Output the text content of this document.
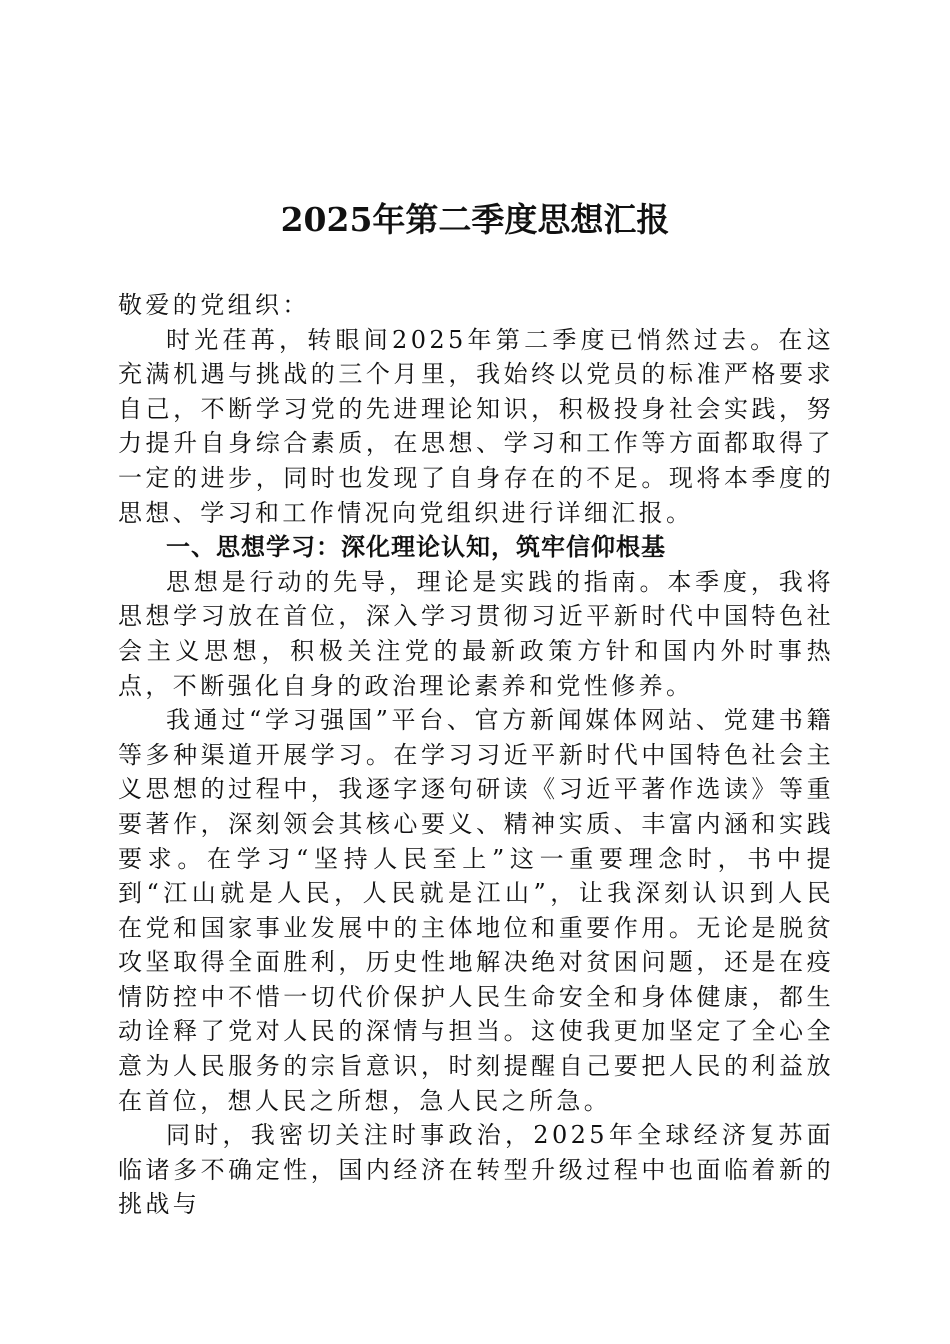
2025年第二季度思想汇报

敬爱的党组织：

时光荏苒，转眼间2025年第二季度已悄然过去。在这充满机遇与挑战的三个月里，我始终以党员的标准严格要求自己，不断学习党的先进理论知识，积极投身社会实践，努力提升自身综合素质，在思想、学习和工作等方面都取得了一定的进步，同时也发现了自身存在的不足。现将本季度的思想、学习和工作情况向党组织进行详细汇报。

一、思想学习：深化理论认知，筑牢信仰根基

思想是行动的先导，理论是实践的指南。本季度，我将思想学习放在首位，深入学习贯彻习近平新时代中国特色社会主义思想，积极关注党的最新政策方针和国内外时事热点，不断强化自身的政治理论素养和党性修养。

我通过“学习强国”平台、官方新闻媒体网站、党建书籍等多种渠道开展学习。在学习习近平新时代中国特色社会主义思想的过程中，我逐字逐句研读《习近平著作选读》等重要著作，深刻领会其核心要义、精神实质、丰富内涵和实践要求。在学习“坚持人民至上”这一重要理念时，书中提到“江山就是人民，人民就是江山”，让我深刻认识到人民在党和国家事业发展中的主体地位和重要作用。无论是脱贫攻坚取得全面胜利，历史性地解决绝对贫困问题，还是在疫情防控中不惜一切代价保护人民生命安全和身体健康，都生动诠释了党对人民的深情与担当。这使我更加坚定了全心全意为人民服务的宗旨意识，时刻提醒自己要把人民的利益放在首位，想人民之所想，急人民之所急。

同时，我密切关注时事政治，2025年全球经济复苏面临诸多不确定性，国内经济在转型升级过程中也面临着新的挑战与
